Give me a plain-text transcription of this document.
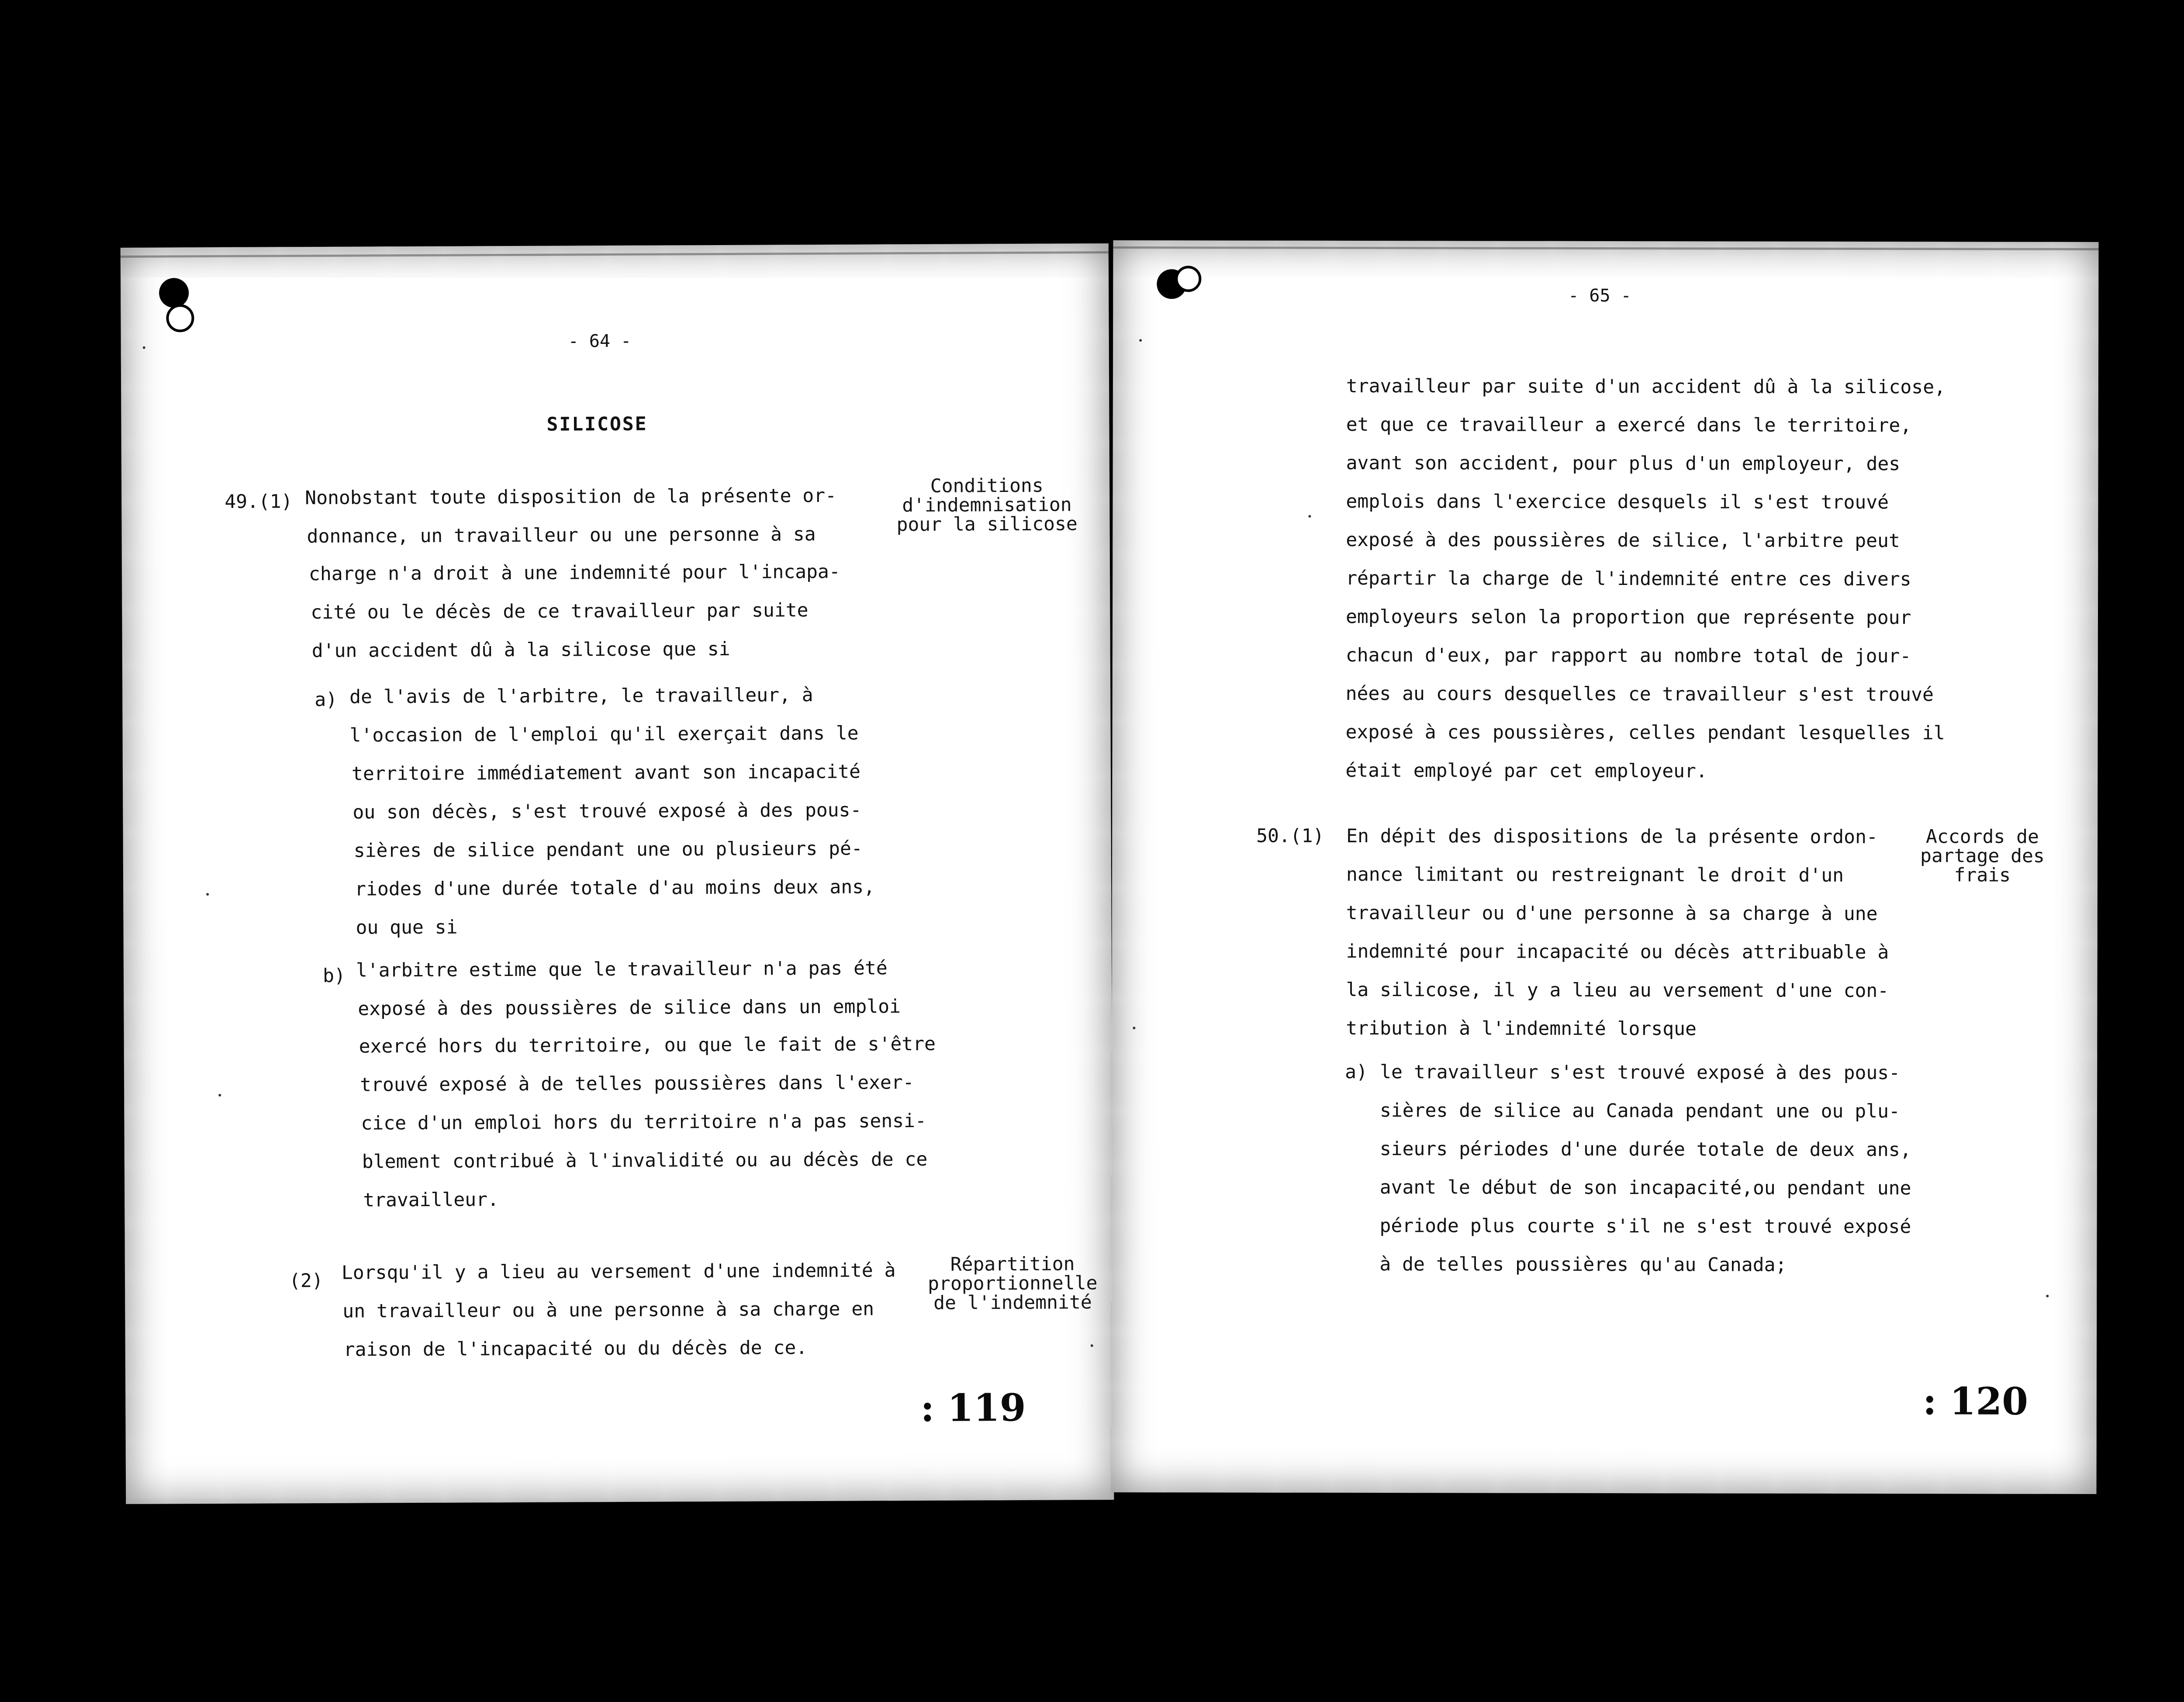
- 64 -
SILICOSE
49.(1) Nonobstant toute disposition de la présente or-
donnance, un travailleur ou une personne à sa
charge n'a droit à une indemnité pour l'incapa-
cité ou le décès de ce travailleur par suite
d'un accident dû à la silicose que si
Conditions
d'indemnisation
pour la silicose
a) de l'avis de l'arbitre, le travailleur, à
l'occasion de l'emploi qu'il exerçait dans le
territoire immédiatement avant son incapacité
ou son décès, s'est trouvé exposé à des pous-
sières de silice pendant une ou plusieurs pé-
riodes d'une durée totale d'au moins deux ans,
ou que si
b) l'arbitre estime que le travailleur n'a pas été
exposé à des poussières de silice dans un emploi
exercé hors du territoire, ou que le fait de s'être
trouvé exposé à de telles poussières dans l'exer-
cice d'un emploi hors du territoire n'a pas sensi-
blement contribué à l'invalidité ou au décès de ce
travailleur.
(2) Lorsqu'il y a lieu au versement d'une indemnité à
un travailleur ou à une personne à sa charge en
raison de l'incapacité ou du décès de ce.
Répartition
proportionnelle
de l'indemnité
: 119
- 65 -
travailleur par suite d'un accident dû à la silicose,
et que ce travailleur a exercé dans le territoire,
avant son accident, pour plus d'un employeur, des
emplois dans l'exercice desquels il s'est trouvé
exposé à des poussières de silice, l'arbitre peut
répartir la charge de l'indemnité entre ces divers
employeurs selon la proportion que représente pour
chacun d'eux, par rapport au nombre total de jour-
nées au cours desquelles ce travailleur s'est trouvé
exposé à ces poussières, celles pendant lesquelles il
était employé par cet employeur.
50.(1) En dépit des dispositions de la présente ordon-
nance limitant ou restreignant le droit d'un
travailleur ou d'une personne à sa charge à une
indemnité pour incapacité ou décès attribuable à
la silicose, il y a lieu au versement d'une con-
tribution à l'indemnité lorsque
Accords de
partage des
frais
a) le travailleur s'est trouvé exposé à des pous-
sières de silice au Canada pendant une ou plu-
sieurs périodes d'une durée totale de deux ans,
avant le début de son incapacité,ou pendant une
période plus courte s'il ne s'est trouvé exposé
à de telles poussières qu'au Canada;
: 120
